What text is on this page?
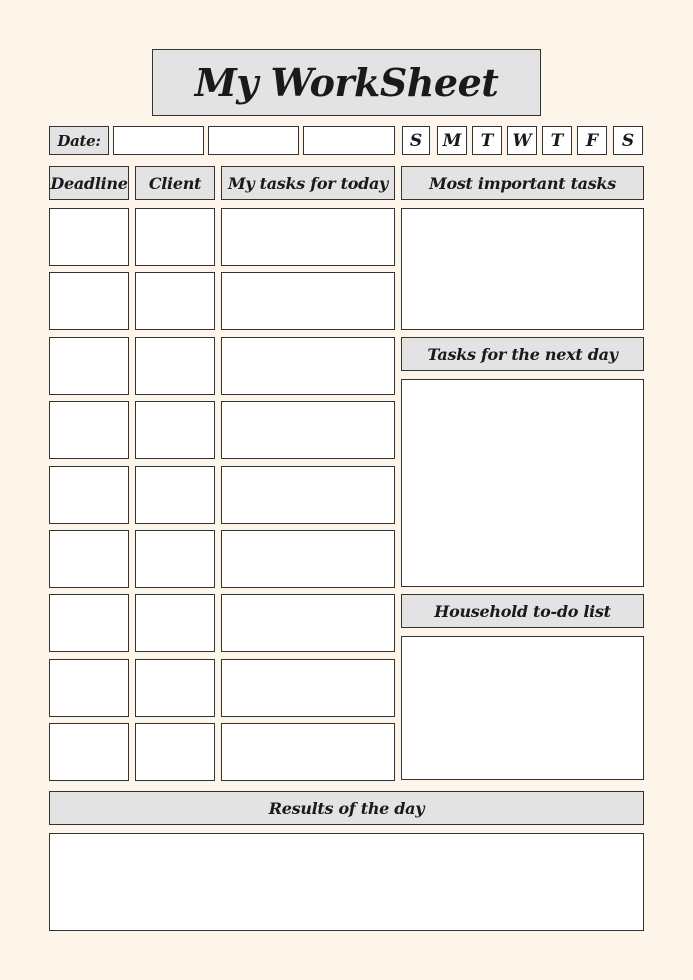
My WorkSheet
Date:	S	M	T	W	T	F	S
Deadline	Client	My tasks for today	Most important tasks
Tasks for the next day
Household to-do list
Results of the day
